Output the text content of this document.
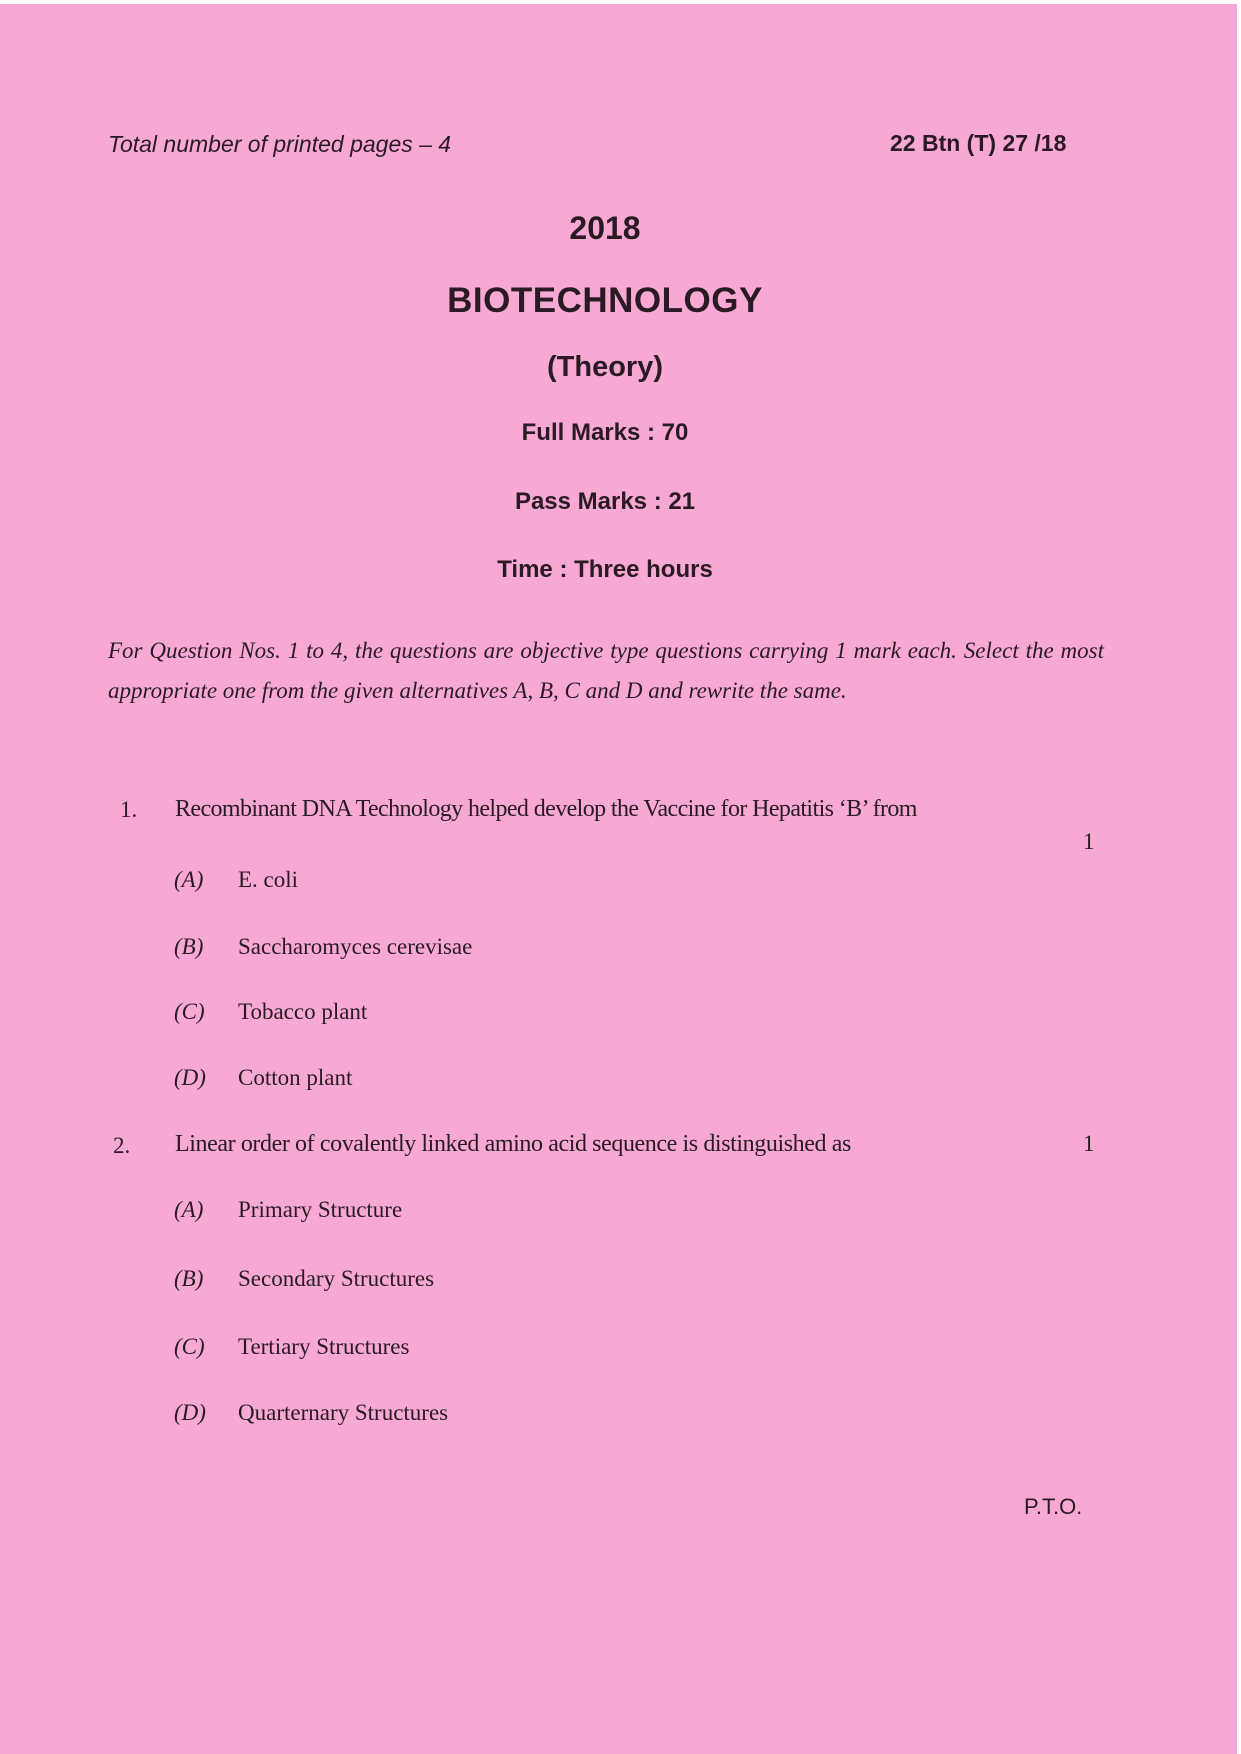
Total number of printed pages – 4	22 Btn (T) 27 /18
2018
BIOTECHNOLOGY
(Theory)
Full Marks : 70
Pass Marks : 21
Time : Three hours
For Question Nos. 1 to 4, the questions are objective type questions carrying 1 mark each. Select the most appropriate one from the given alternatives A, B, C and D and rewrite the same.
1. Recombinant DNA Technology helped develop the Vaccine for Hepatitis ‘B’ from
1
(A) E. coli
(B) Saccharomyces cerevisae
(C) Tobacco plant
(D) Cotton plant
2. Linear order of covalently linked amino acid sequence is distinguished as	1
(A) Primary Structure
(B) Secondary Structures
(C) Tertiary Structures
(D) Quarternary Structures
P.T.O.
